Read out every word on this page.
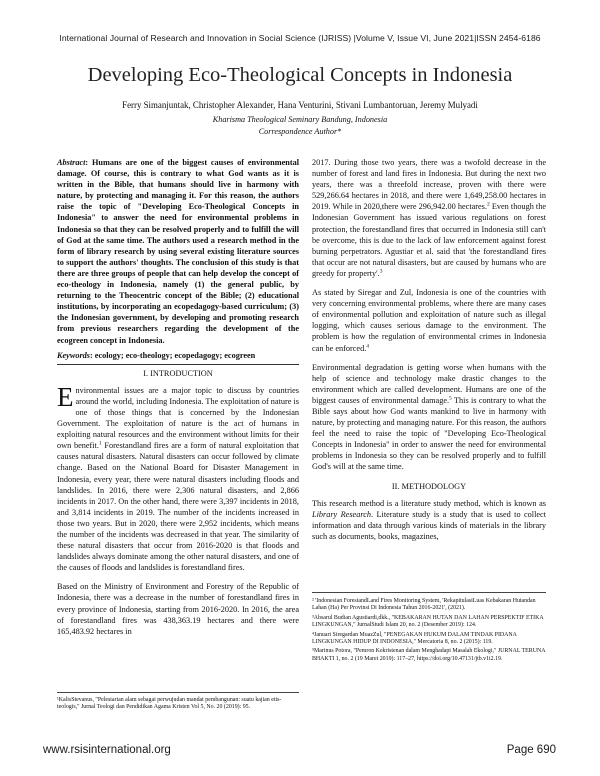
International Journal of Research and Innovation in Social Science (IJRISS) |Volume V, Issue VI, June 2021|ISSN 2454-6186
Developing Eco-Theological Concepts in Indonesia
Ferry Simanjuntak, Christopher Alexander, Hana Venturini, Stivani Lumbantoruan, Jeremy Mulyadi
Kharisma Theological Seminary Bandung, Indonesia
Correspondence Author*

Abstract: Humans are one of the biggest causes of environmental damage. Of course, this is contrary to what God wants as it is written in the Bible, that humans should live in harmony with nature, by protecting and managing it. For this reason, the authors raise the topic of "Developing Eco-Theological Concepts in Indonesia" to answer the need for environmental problems in Indonesia so that they can be resolved properly and to fulfill the will of God at the same time. The authors used a research method in the form of library research by using several existing literature sources to support the authors' thoughts. The conclusion of this study is that there are three groups of people that can help develop the concept of eco-theology in Indonesia, namely (1) the general public, by returning to the Theocentric concept of the Bible; (2) educational institutions, by incorporating an ecopedagogy-based curriculum; (3) the Indonesian government, by developing and promoting research from previous researchers regarding the development of the ecogreen concept in Indonesia.

Keywords: ecology; eco-theology; ecopedagogy; ecogreen

I. INTRODUCTION

Environmental issues are a major topic to discuss by countries around the world, including Indonesia. The exploitation of nature is one of those things that is concerned by the Indonesian Government. The exploitation of nature is the act of humans in exploiting natural resources and the environment without limits for their own benefit.$^1$ Forestandland fires are a form of natural exploitation that causes natural disasters. Natural disasters can occur followed by climate change. Based on the National Board for Disaster Management in Indonesia, every year, there were natural disasters including floods and landslides. In 2016, there were 2,306 natural disasters, and 2,866 incidents in 2017. On the other hand, there were 3,397 incidents in 2018, and 3,814 incidents in 2019. The number of the incidents increased in those two years. But in 2020, there were 2,952 incidents, which means the number of the incidents was decreased in that year. The similarity of these natural disasters that occur from 2016-2020 is that floods and landslides always dominate among the other natural disasters, and one of the causes of floods and landslides is forestandland fires.

Based on the Ministry of Environment and Forestry of the Republic of Indonesia, there was a decrease in the number of forestandland fires in every province of Indonesia, starting from 2016-2020. In 2016, the area of forestandland fires was 438,363.19 hectares and there were 165,483.92 hectares in

¹KalisStevanus, "Pelestarian alam sebagai perwujudan mandat pembangunan: suatu kajian etis-teologis," Jurnal Teologi dan Pendidikan Agama Kristen Vol 5, No. 20 (2019): 95.

2017. During those two years, there was a twofold decrease in the number of forest and land fires in Indonesia. But during the next two years, there was a threefold increase, proven with there were 529,266.64 hectares in 2018, and there were 1,649,258.00 hectares in 2019. While in 2020,there were 296,942.00 hectares.$^2$ Even though the Indonesian Government has issued various regulations on forest protection, the forestandland fires that occurred in Indonesia still can't be overcome, this is due to the lack of law enforcement against forest burning perpetrators. Agustiar et al. said that 'the forestandland fires that occur are not natural disasters, but are caused by humans who are greedy for property'.$^3$

As stated by Siregar and Zul, Indonesia is one of the countries with very concerning environmental problems, where there are many cases of environmental pollution and exploitation of nature such as illegal logging, which causes serious damage to the environment. The problem is how the regulation of environmental crimes in Indonesia can be enforced.$^4$

Environmental degradation is getting worse when humans with the help of science and technology make drastic changes to the environment which are called development. Humans are one of the biggest causes of environmental damage.$^5$ This is contrary to what the Bible says about how God wants mankind to live in harmony with nature, by protecting and managing nature. For this reason, the authors feel the need to raise the topic of "Developing Eco-Theological Concepts in Indonesia" in order to answer the need for environmental problems in Indonesia so they can be resolved properly and to fulfill God's will at the same time.

II. METHODOLOGY

This research method is a literature study method, which is known as Library Research. Literature study is a study that is used to collect information and data through various kinds of materials in the library such as documents, books, magazines,

² 'Indonesian ForestandLand Fires Monitoring System, 'RekapitulasiLuas Kebakaran Hutandan Lahan (Ha) Per Provinsi Di Indonesia Tahun 2016-2021', (2021).

³Absarul Budian Agustiardi,dkk., "KEBAKARAN HUTAN DAN LAHAN PERSPEKTIF ETIKA LINGKUNGAN," JurnalStudi Islam 20, no. 2 (Desember 2019): 124.

⁴Januari Siregardan MuazZul, "PENEGAKAN HUKUM DALAM TINDAK PIDANA LINGKUNGAN HIDUP DI INDONESIA," Mercatoria 8, no. 2 (2015): 119.

⁵Marinus Potora, "Pemron Kekristenan dalam Menghadapi Masalah Ekologi," JURNAL TERUNA BHAKTI 1, no. 2 (19 Maret 2019): 117–27, https://doi.org/10.47131/jtb.v1i2.19.

www.rsisinternational.org	Page 690
